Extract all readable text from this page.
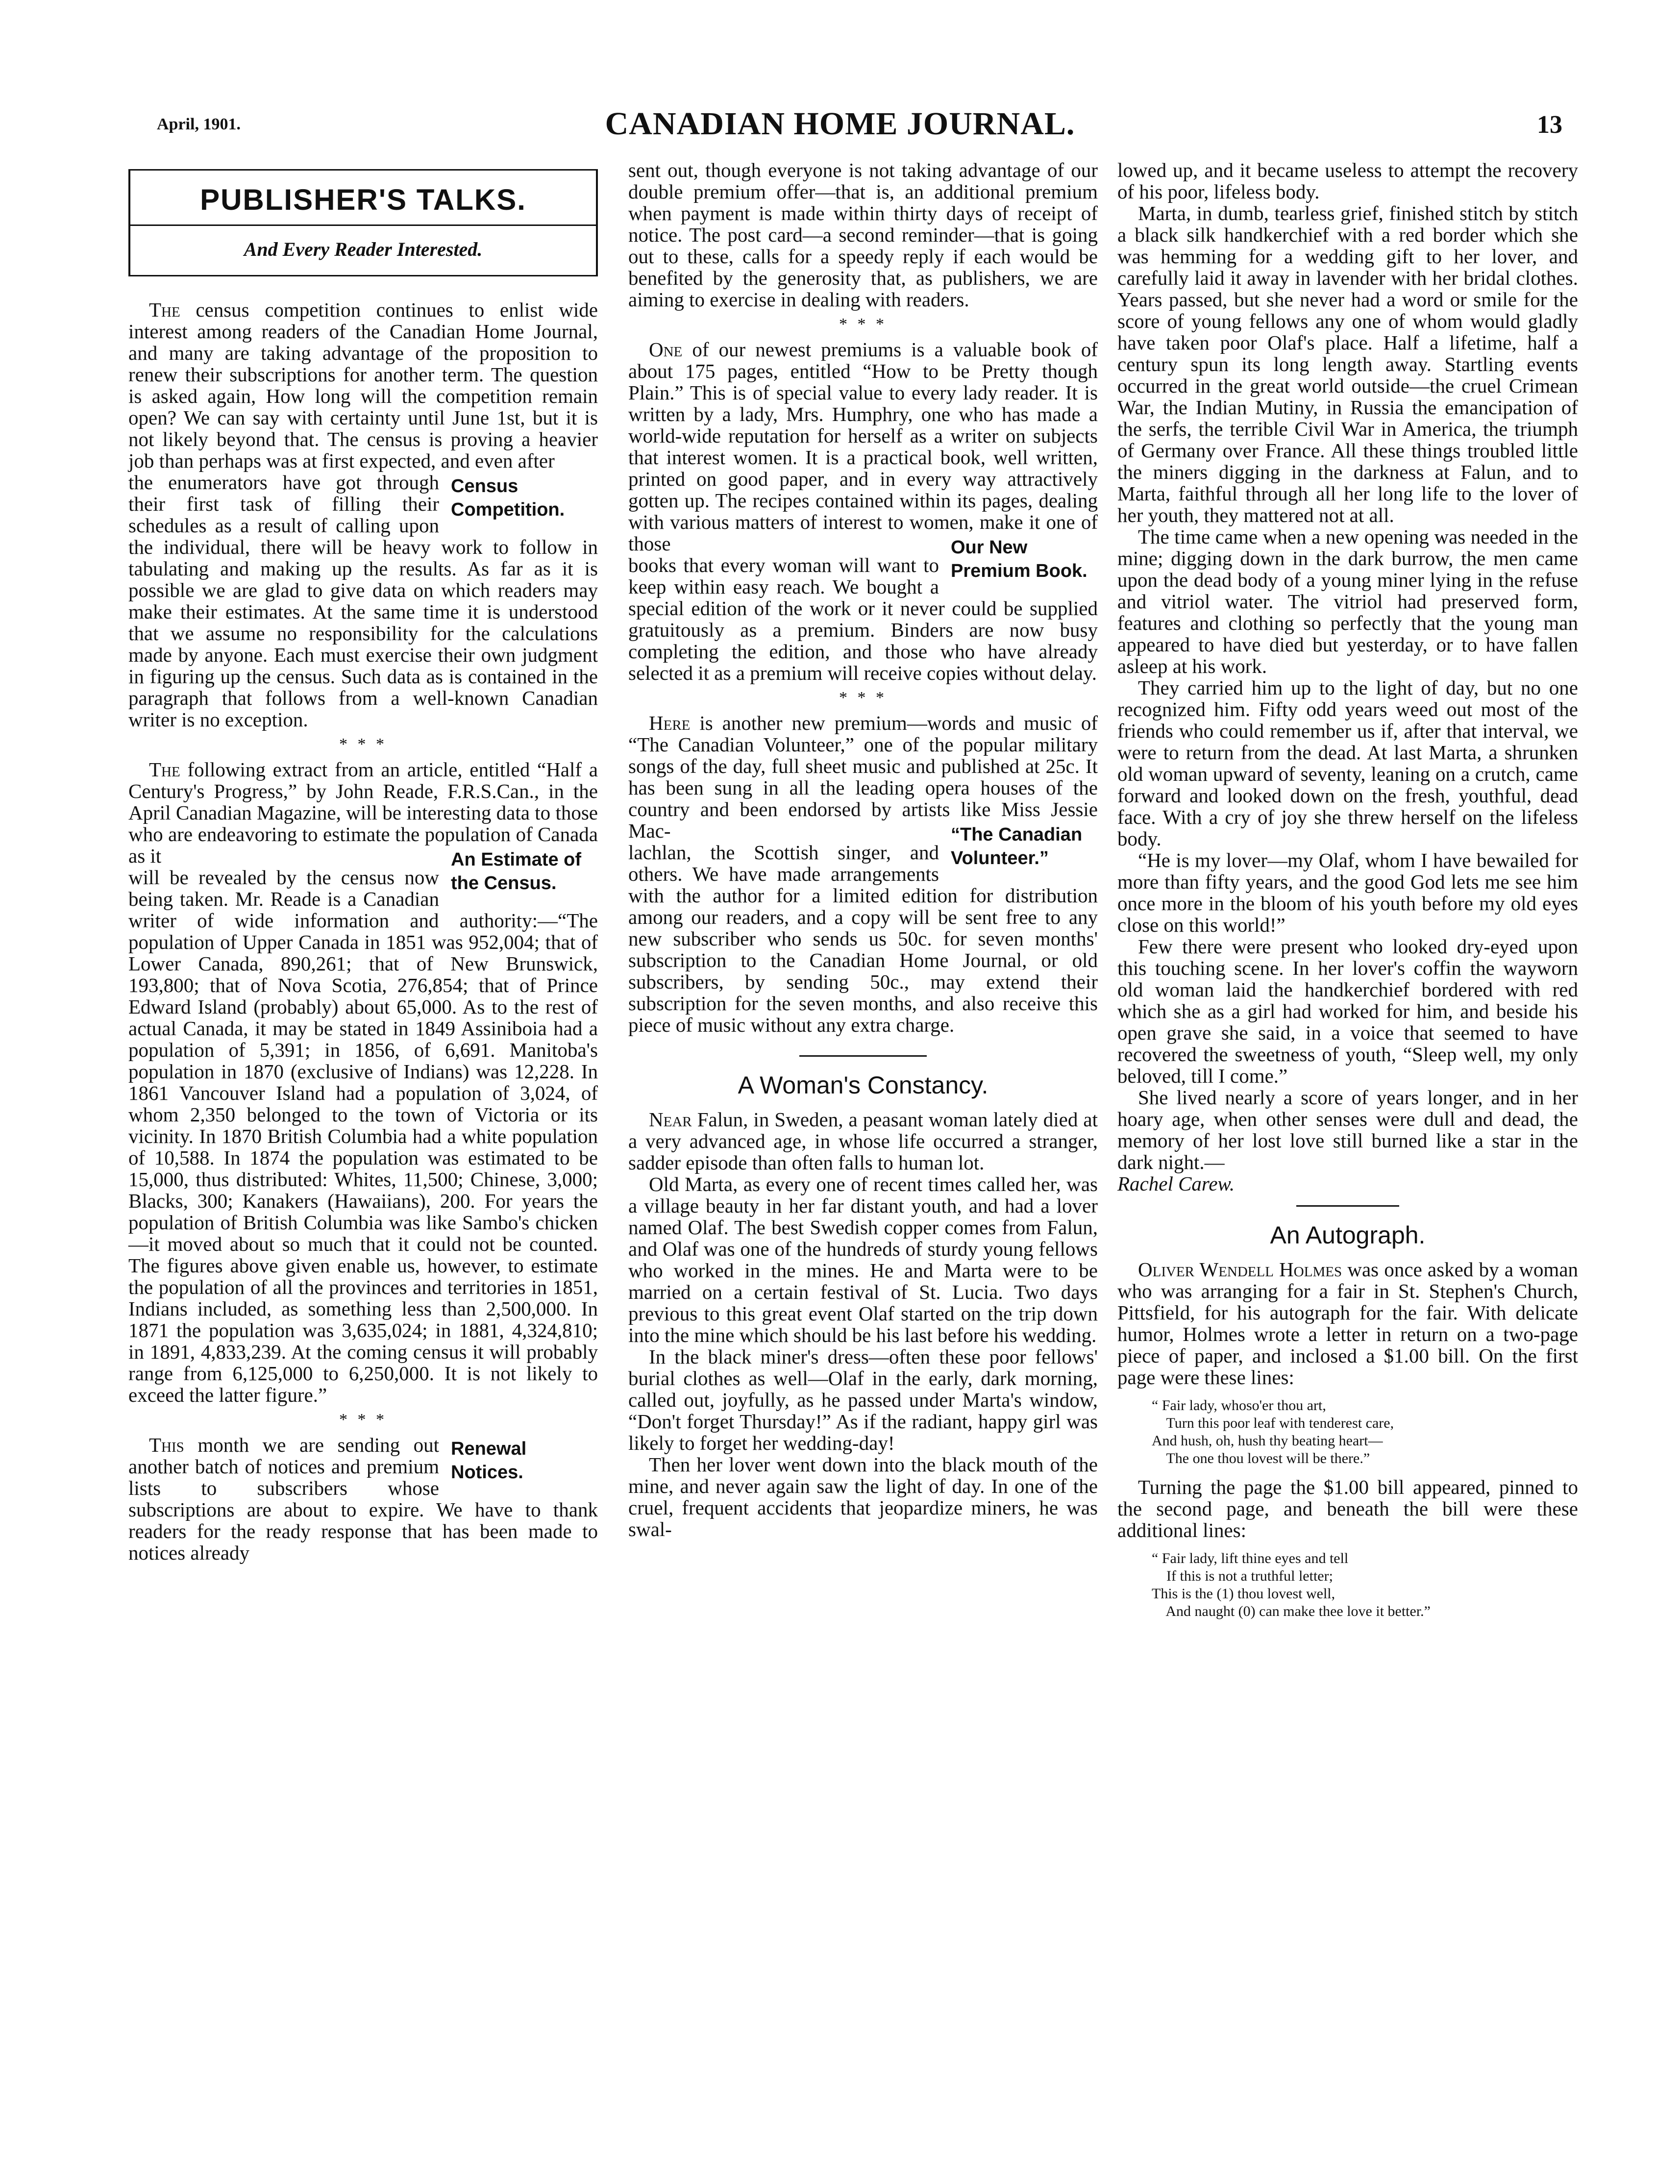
April, 1901.	CANADIAN HOME JOURNAL.	13
PUBLISHER'S TALKS.
And Every Reader Interested.

The census competition continues to enlist wide interest among readers of the Canadian Home Journal, and many are taking advantage of the proposition to renew their subscriptions for another term. The question is asked again, How long will the competition remain open? We can say with certainty until June 1st, but it is not likely beyond that. The census is proving a heavier job than perhaps was at first expected, and even after
Census Competition.

the enumerators have got through their first task of filling their schedules as a result of calling upon the individual, there will be heavy work to follow in tabulating and making up the results. As far as it is possible we are glad to give data on which readers may make their estimates. At the same time it is understood that we assume no responsibility for the calculations made by anyone. Each must exercise their own judgment in figuring up the census. Such data as is contained in the paragraph that follows from a well-known Canadian writer is no exception.

* * *

The following extract from an article, entitled “Half a Century's Progress,” by John Reade, F.R.S.Can., in the April Canadian Magazine, will be interesting data to those who are endeavoring to estimate the population of Canada as it	An Estimate of the Census.

will be revealed by the census now being taken. Mr. Reade is a Canadian writer of wide information and authority:—“The population of Upper Canada in 1851 was 952,004; that of Lower Canada, 890,261; that of New Brunswick, 193,800; that of Nova Scotia, 276,854; that of Prince Edward Island (probably) about 65,000. As to the rest of actual Canada, it may be stated in 1849 Assiniboia had a population of 5,391; in 1856, of 6,691. Manitoba's population in 1870 (exclusive of Indians) was 12,228. In 1861 Vancouver Island had a population of 3,024, of whom 2,350 belonged to the town of Victoria or its vicinity. In 1870 British Columbia had a white population of 10,588. In 1874 the population was estimated to be 15,000, thus distributed: Whites, 11,500; Chinese, 3,000; Blacks, 300; Kanakers (Hawaiians), 200. For years the population of British Columbia was like Sambo's chicken—it moved about so much that it could not be counted. The figures above given enable us, however, to estimate the population of all the provinces and territories in 1851, Indians included, as something less than 2,500,000. In 1871 the population was 3,635,024; in 1881, 4,324,810; in 1891, 4,833,239. At the coming census it will probably range from 6,125,000 to 6,250,000. It is not likely to exceed the latter figure.”

* * *

Renewal Notices.
This month we are sending out another batch of notices and premium lists to subscribers whose subscriptions are about to expire. We have to thank readers for the ready response that has been made to notices already

sent out, though everyone is not taking advantage of our double premium offer—that is, an additional premium when payment is made within thirty days of receipt of notice. The post card—a second reminder—that is going out to these, calls for a speedy reply if each would be benefited by the generosity that, as publishers, we are aiming to exercise in dealing with readers.

* * *

One of our newest premiums is a valuable book of about 175 pages, entitled “How to be Pretty though Plain.” This is of special value to every lady reader. It is written by a lady, Mrs. Humphry, one who has made a world-wide reputation for herself as a writer on subjects that interest women. It is a practical book, well written, printed on good paper, and in every way attractively gotten up. The recipes contained within its pages, dealing with various matters of interest to women, make it one of those	Our New Premium Book.

books that every woman will want to keep within easy reach. We bought a special edition of the work or it never could be supplied gratuitously as a premium. Binders are now busy completing the edition, and those who have already selected it as a premium will receive copies without delay.

* * *

Here is another new premium—words and music of “The Canadian Volunteer,” one of the popular military songs of the day, full sheet music and published at 25c. It has been sung in all the leading opera houses of the country and been endorsed by artists like Miss Jessie Mac-	“The Canadian Volunteer.”

lachlan, the Scottish singer, and others. We have made arrangements with the author for a limited edition for distribution among our readers, and a copy will be sent free to any new subscriber who sends us 50c. for seven months' subscription to the Canadian Home Journal, or old subscribers, by sending 50c., may extend their subscription for the seven months, and also receive this piece of music without any extra charge.

A Woman's Constancy.

Near Falun, in Sweden, a peasant woman lately died at a very advanced age, in whose life occurred a stranger, sadder episode than often falls to human lot.

Old Marta, as every one of recent times called her, was a village beauty in her far distant youth, and had a lover named Olaf. The best Swedish copper comes from Falun, and Olaf was one of the hundreds of sturdy young fellows who worked in the mines. He and Marta were to be married on a certain festival of St. Lucia. Two days previous to this great event Olaf started on the trip down into the mine which should be his last before his wedding.

In the black miner's dress—often these poor fellows' burial clothes as well—Olaf in the early, dark morning, called out, joyfully, as he passed under Marta's window, “Don't forget Thursday!” As if the radiant, happy girl was likely to forget her wedding-day!

Then her lover went down into the black mouth of the mine, and never again saw the light of day. In one of the cruel, frequent accidents that jeopardize miners, he was swal-

lowed up, and it became useless to attempt the recovery of his poor, lifeless body.

Marta, in dumb, tearless grief, finished stitch by stitch a black silk handkerchief with a red border which she was hemming for a wedding gift to her lover, and carefully laid it away in lavender with her bridal clothes. Years passed, but she never had a word or smile for the score of young fellows any one of whom would gladly have taken poor Olaf's place. Half a lifetime, half a century spun its long length away. Startling events occurred in the great world outside—the cruel Crimean War, the Indian Mutiny, in Russia the emancipation of the serfs, the terrible Civil War in America, the triumph of Germany over France. All these things troubled little the miners digging in the darkness at Falun, and to Marta, faithful through all her long life to the lover of her youth, they mattered not at all.

The time came when a new opening was needed in the mine; digging down in the dark burrow, the men came upon the dead body of a young miner lying in the refuse and vitriol water. The vitriol had preserved form, features and clothing so perfectly that the young man appeared to have died but yesterday, or to have fallen asleep at his work.

They carried him up to the light of day, but no one recognized him. Fifty odd years weed out most of the friends who could remember us if, after that interval, we were to return from the dead. At last Marta, a shrunken old woman upward of seventy, leaning on a crutch, came forward and looked down on the fresh, youthful, dead face. With a cry of joy she threw herself on the lifeless body.

“He is my lover—my Olaf, whom I have bewailed for more than fifty years, and the good God lets me see him once more in the bloom of his youth before my old eyes close on this world!”

Few there were present who looked dry-eyed upon this touching scene. In her lover's coffin the wayworn old woman laid the handkerchief bordered with red which she as a girl had worked for him, and beside his open grave she said, in a voice that seemed to have recovered the sweetness of youth, “Sleep well, my only beloved, till I come.”

She lived nearly a score of years longer, and in her hoary age, when other senses were dull and dead, the memory of her lost love still burned like a star in the dark night.—

Rachel Carew.

An Autograph.

Oliver Wendell Holmes was once asked by a woman who was arranging for a fair in St. Stephen's Church, Pittsfield, for his autograph for the fair. With delicate humor, Holmes wrote a letter in return on a two-page piece of paper, and inclosed a $1.00 bill. On the first page were these lines:

“ Fair lady, whoso'er thou art,
Turn this poor leaf with tenderest care,
And hush, oh, hush thy beating heart—
The one thou lovest will be there.”

Turning the page the $1.00 bill appeared, pinned to the second page, and beneath the bill were these additional lines:

“ Fair lady, lift thine eyes and tell
If this is not a truthful letter;
This is the (1) thou lovest well,
And naught (0) can make thee love it better.”
